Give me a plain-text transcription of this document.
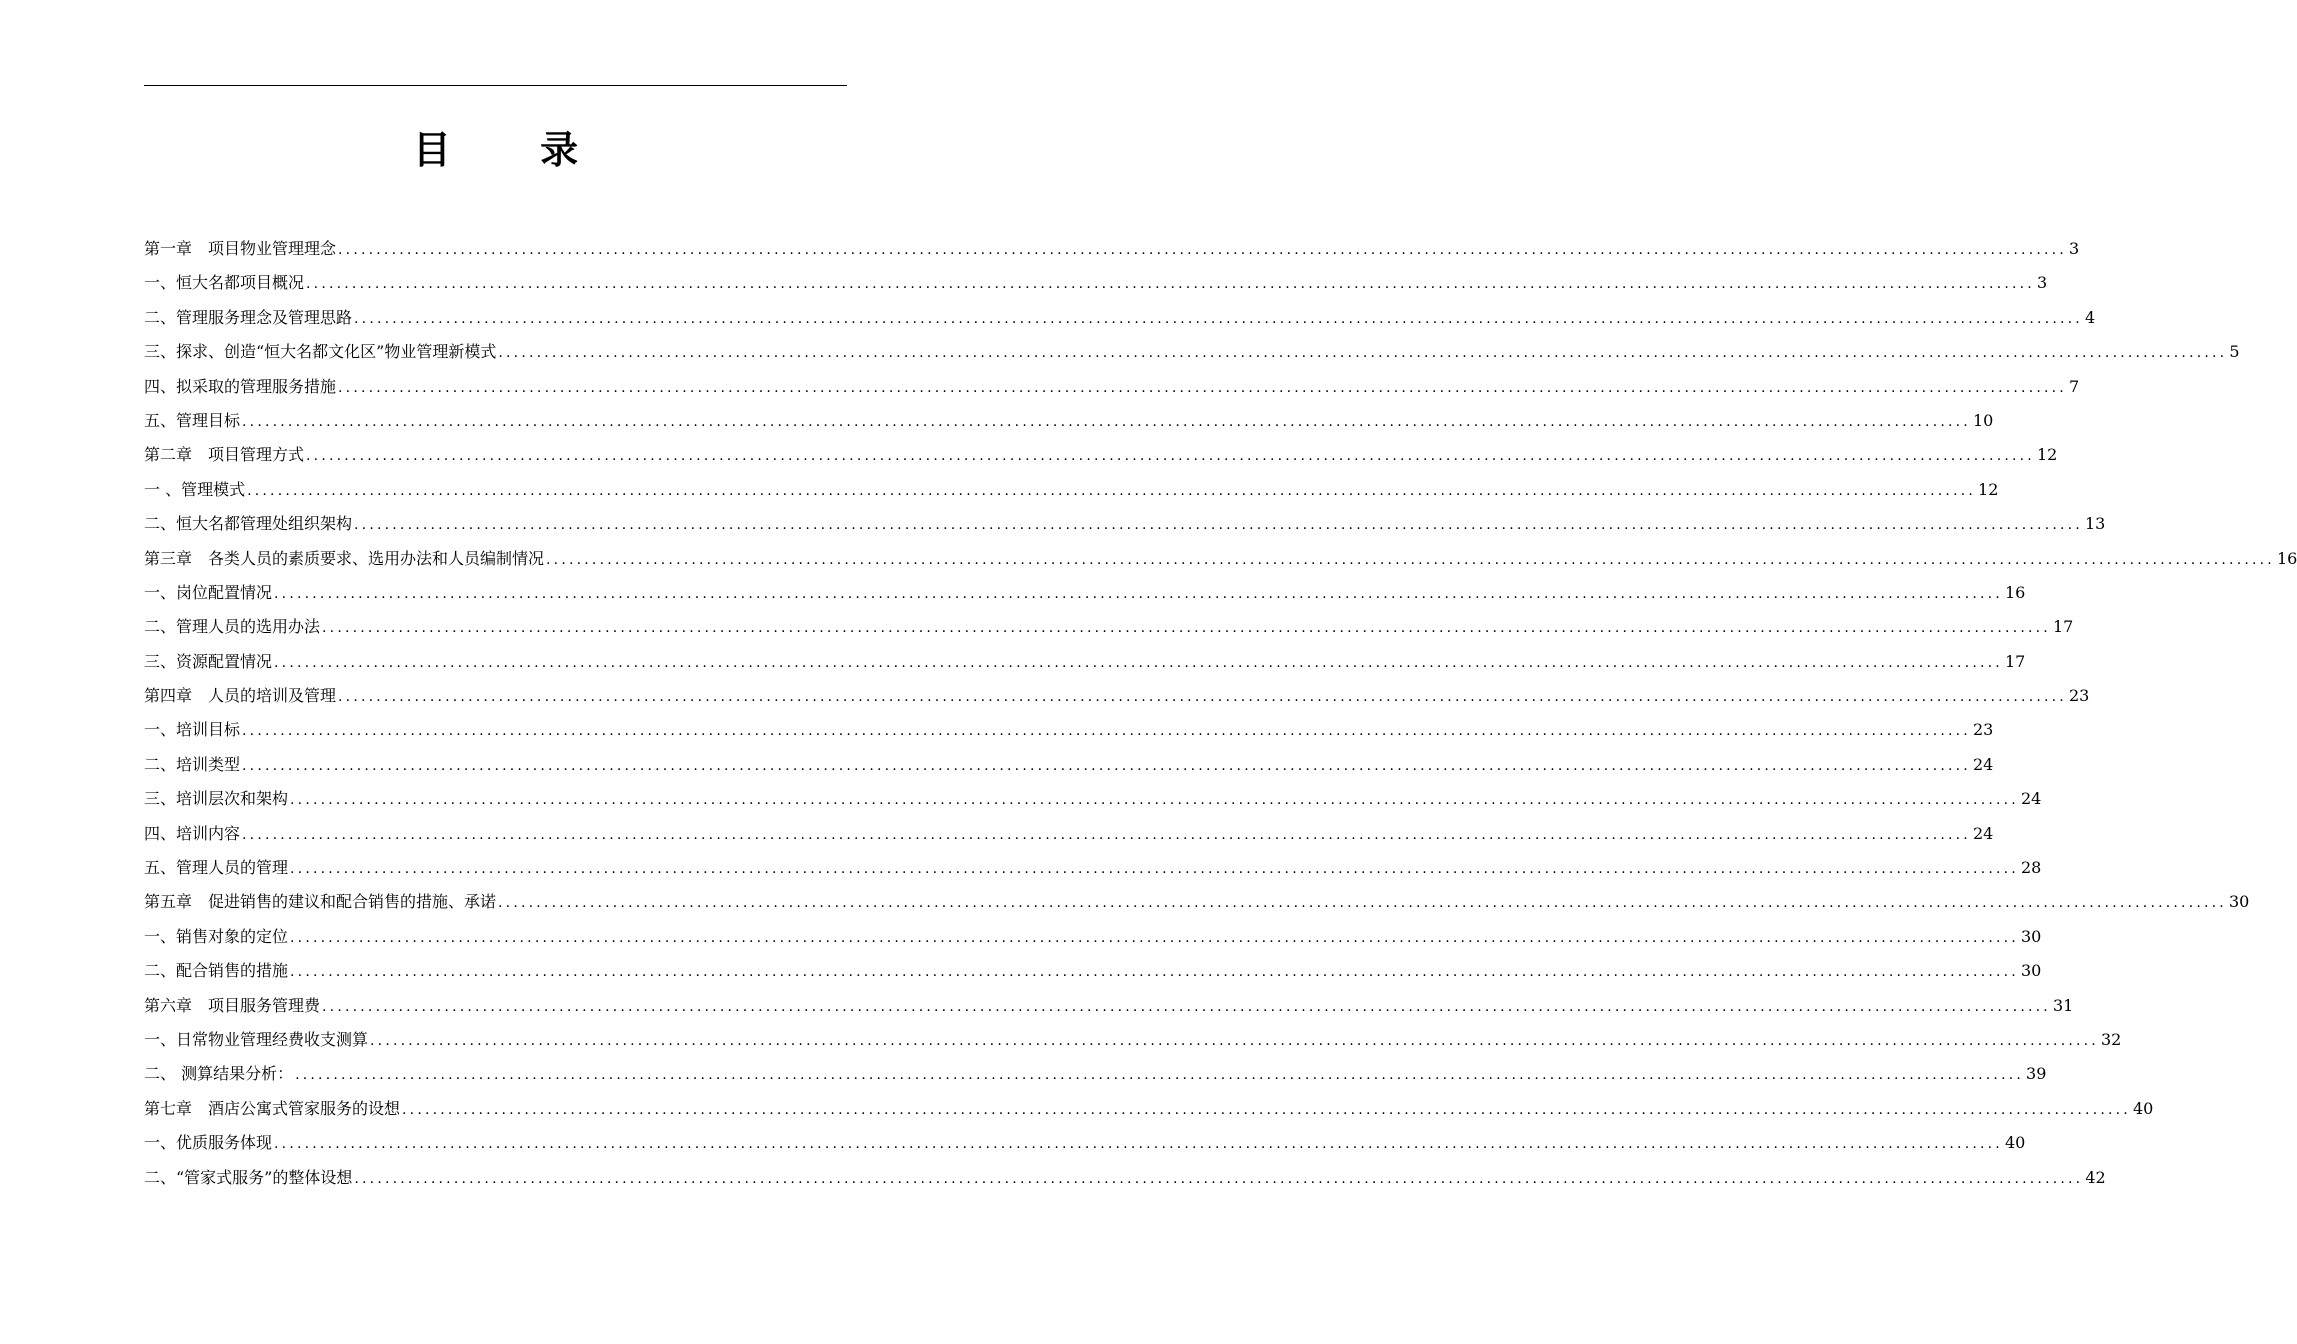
目 录
第一章　项目物业管理理念 .................................................................................................................................................................................................................................. 3
一、恒大名都项目概况 .................................................................................................................................................................................................................................. 3
二、管理服务理念及管理思路 .................................................................................................................................................................................................................................. 4
三、探求、创造“恒大名都文化区”物业管理新模式 .................................................................................................................................................................................................................................. 5
四、拟采取的管理服务措施 .................................................................................................................................................................................................................................. 7
五、管理目标 .................................................................................................................................................................................................................................. 10
第二章　项目管理方式 .................................................................................................................................................................................................................................. 12
一 、管理模式 .................................................................................................................................................................................................................................. 12
二、恒大名都管理处组织架构 .................................................................................................................................................................................................................................. 13
第三章　各类人员的素质要求、选用办法和人员编制情况 .................................................................................................................................................................................................................................. 16
一、岗位配置情况 .................................................................................................................................................................................................................................. 16
二、管理人员的选用办法 .................................................................................................................................................................................................................................. 17
三、资源配置情况 .................................................................................................................................................................................................................................. 17
第四章　人员的培训及管理 .................................................................................................................................................................................................................................. 23
一、培训目标 .................................................................................................................................................................................................................................. 23
二、培训类型 .................................................................................................................................................................................................................................. 24
三、培训层次和架构 .................................................................................................................................................................................................................................. 24
四、培训内容 .................................................................................................................................................................................................................................. 24
五、管理人员的管理 .................................................................................................................................................................................................................................. 28
第五章　促进销售的建议和配合销售的措施、承诺 .................................................................................................................................................................................................................................. 30
一、销售对象的定位 .................................................................................................................................................................................................................................. 30
二、配合销售的措施 .................................................................................................................................................................................................................................. 30
第六章　项目服务管理费 .................................................................................................................................................................................................................................. 31
一、日常物业管理经费收支测算 .................................................................................................................................................................................................................................. 32
二、 测算结果分析： .................................................................................................................................................................................................................................. 39
第七章　酒店公寓式管家服务的设想 .................................................................................................................................................................................................................................. 40
一、优质服务体现 .................................................................................................................................................................................................................................. 40
二、“管家式服务”的整体设想 .................................................................................................................................................................................................................................. 42
